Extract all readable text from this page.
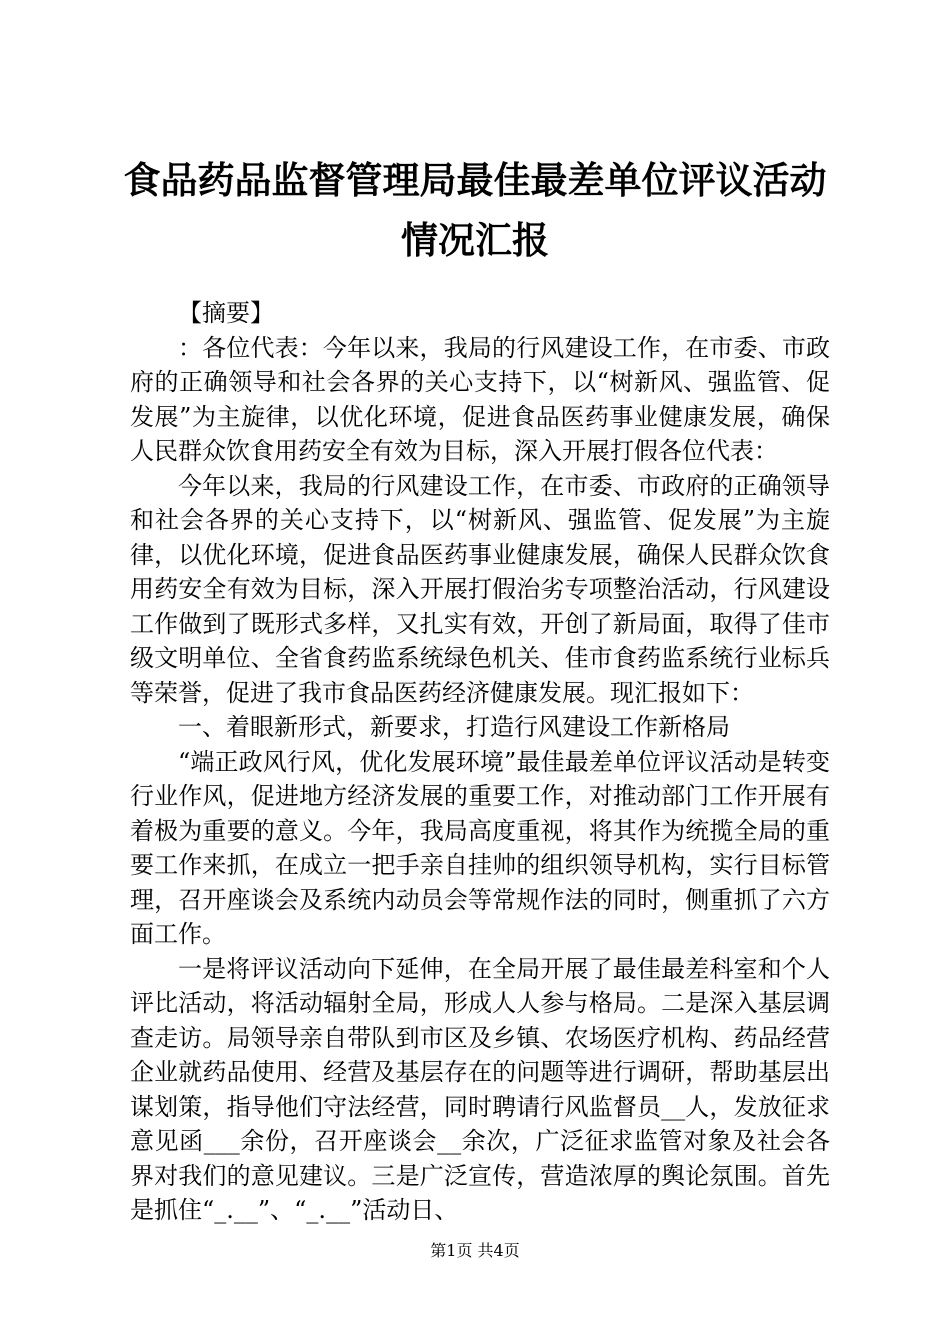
食品药品监督管理局最佳最差单位评议活动情况汇报

【摘要】

：各位代表：今年以来，我局的行风建设工作，在市委、市政府的正确领导和社会各界的关心支持下，以“树新风、强监管、促发展”为主旋律，以优化环境，促进食品医药事业健康发展，确保人民群众饮食用药安全有效为目标，深入开展打假各位代表：

今年以来，我局的行风建设工作，在市委、市政府的正确领导和社会各界的关心支持下，以“树新风、强监管、促发展”为主旋律，以优化环境，促进食品医药事业健康发展，确保人民群众饮食用药安全有效为目标，深入开展打假治劣专项整治活动，行风建设工作做到了既形式多样，又扎实有效，开创了新局面，取得了佳市级文明单位、全省食药监系统绿色机关、佳市食药监系统行业标兵等荣誉，促进了我市食品医药经济健康发展。现汇报如下：

一、着眼新形式，新要求，打造行风建设工作新格局

“端正政风行风，优化发展环境”最佳最差单位评议活动是转变行业作风，促进地方经济发展的重要工作，对推动部门工作开展有着极为重要的意义。今年，我局高度重视，将其作为统揽全局的重要工作来抓，在成立一把手亲自挂帅的组织领导机构，实行目标管理，召开座谈会及系统内动员会等常规作法的同时，侧重抓了六方面工作。

一是将评议活动向下延伸，在全局开展了最佳最差科室和个人评比活动，将活动辐射全局，形成人人参与格局。二是深入基层调查走访。局领导亲自带队到市区及乡镇、农场医疗机构、药品经营企业就药品使用、经营及基层存在的问题等进行调研，帮助基层出谋划策，指导他们守法经营，同时聘请行风监督员__人，发放征求意见函___余份，召开座谈会__余次，广泛征求监管对象及社会各界对我们的意见建议。三是广泛宣传，营造浓厚的舆论氛围。首先是抓住“_.__”、“_.__”活动日、

第1页 共4页
